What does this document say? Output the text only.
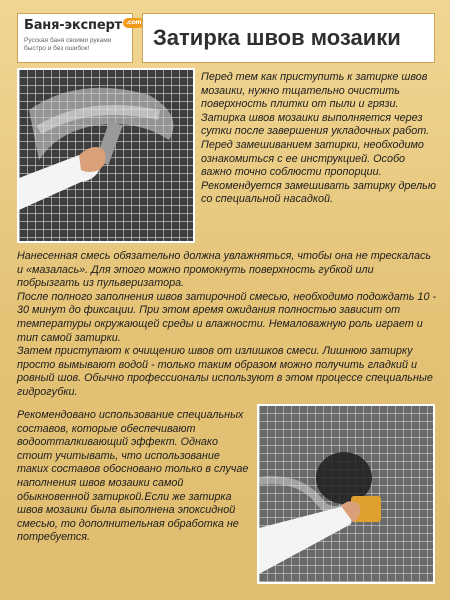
Баня-эксперт .com
Русская баня своими руками
быстро и без ошибок!	Затирка швов мозаики

Перед тем как приступить к затирке швов мозаики, нужно тщательно очистить поверхность плитки от пыли и грязи. Затирка швов мозаики выполняется через сутки после завершения укладочных работ.

Перед замешиванием затирки, необходимо ознакомиться с ее инструкцией. Особо важно точно соблюсти пропорции. Рекомендуется замешивать затирку дрелью со специальной насадкой.

Нанесенная смесь обязательно должна увлажняться, чтобы она не трескалась и «мазалась». Для этого можно промокнуть поверхность губкой или побрызгать из пульверизатора.

После полного заполнения швов затирочной смесью, необходимо подождать 10 - 30 минут до фиксации. При этом время ожидания полностью зависит от температуры окружающей среды и влажности. Немаловажную роль играет и тип самой затирки.

Затем приступают к очищению швов от излишков смеси. Лишнюю затирку просто вымывают водой - только таким образом можно получить гладкий и ровный шов. Обычно профессионалы используют в этом процессе специальные гидрогубки.

Рекомендовано использование специальных составов, которые обеспечивают водоотталкивающий эффект. Однако стоит учитывать, что использование таких составов обосновано только в случае наполнения швов мозаики самой обыкновенной затиркой.Если же затирка швов мозаики была выполнена эпоксидной смесью, то дополнительная обработка не потребуется.
